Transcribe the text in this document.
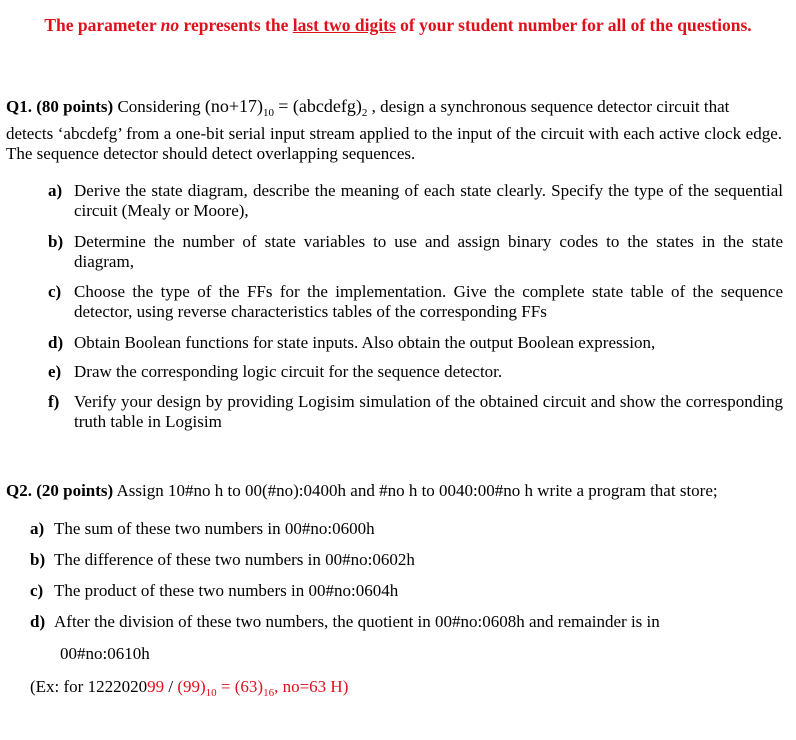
The parameter no represents the last two digits of your student number for all of the questions.
Q1. (80 points) Considering $(no+17)_{10}$ = $(abcdefg)_2$ , design a synchronous sequence detector circuit that
detects ‘abcdefg’ from a one-bit serial input stream applied to the input of the circuit with each active clock edge. The sequence detector should detect overlapping sequences.
a) Derive the state diagram, describe the meaning of each state clearly. Specify the type of the sequential circuit (Mealy or Moore),
b) Determine the number of state variables to use and assign binary codes to the states in the state diagram,
c) Choose the type of the FFs for the implementation. Give the complete state table of the sequence detector, using reverse characteristics tables of the corresponding FFs
d) Obtain Boolean functions for state inputs. Also obtain the output Boolean expression,
e) Draw the corresponding logic circuit for the sequence detector.
f) Verify your design by providing Logisim simulation of the obtained circuit and show the corresponding truth table in Logisim
Q2. (20 points) Assign 10#no h to 00(#no):0400h and #no h to 0040:00#no h write a program that store;
a) The sum of these two numbers in 00#no:0600h
b) The difference of these two numbers in 00#no:0602h
c) The product of these two numbers in 00#no:0604h
d) After the division of these two numbers, the quotient in 00#no:0608h and remainder is in
00#no:0610h
(Ex: for $122202099 / (99)_{10} = (63)_{16}$, no=63 H)
